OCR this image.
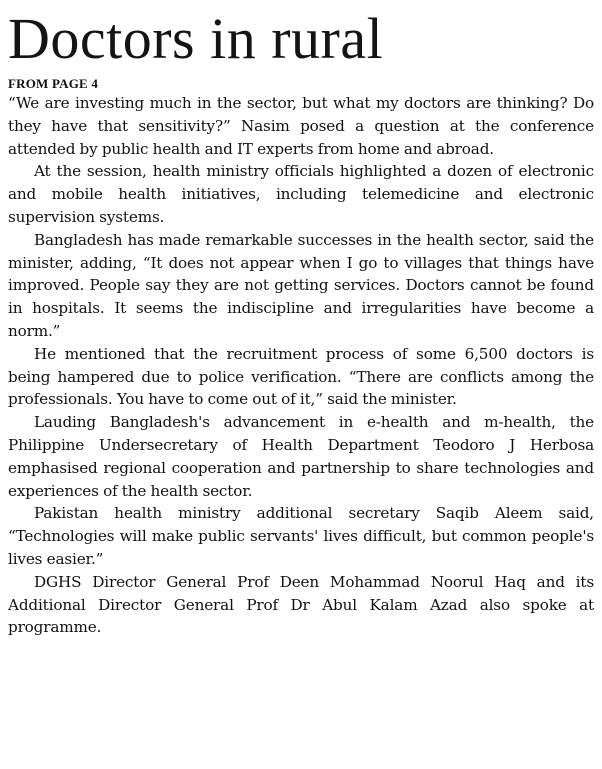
Doctors in rural
FROM PAGE 4

“We are investing much in the sector, but what my doctors are thinking? Do they have that sensitivity?” Nasim posed a question at the conference attended by public health and IT experts from home and abroad.

At the session, health ministry officials highlighted a dozen of electronic and mobile health initiatives, including telemedicine and electronic supervision systems.

Bangladesh has made remarkable successes in the health sector, said the minister, adding, “It does not appear when I go to villages that things have improved. People say they are not getting services. Doctors cannot be found in hospitals. It seems the indiscipline and irregularities have become a norm.”

He mentioned that the recruitment process of some 6,500 doctors is being hampered due to police verification. “There are conflicts among the professionals. You have to come out of it,” said the minister.

Lauding Bangladesh's advancement in e-health and m-health, the Philippine Undersecretary of Health Department Teodoro J Herbosa emphasised regional cooperation and partnership to share technologies and experiences of the health sector.

Pakistan health ministry additional secretary Saqib Aleem said, “Technologies will make public servants' lives difficult, but common people's lives easier.”

DGHS Director General Prof Deen Mohammad Noorul Haq and its Additional Director General Prof Dr Abul Kalam Azad also spoke at programme.
